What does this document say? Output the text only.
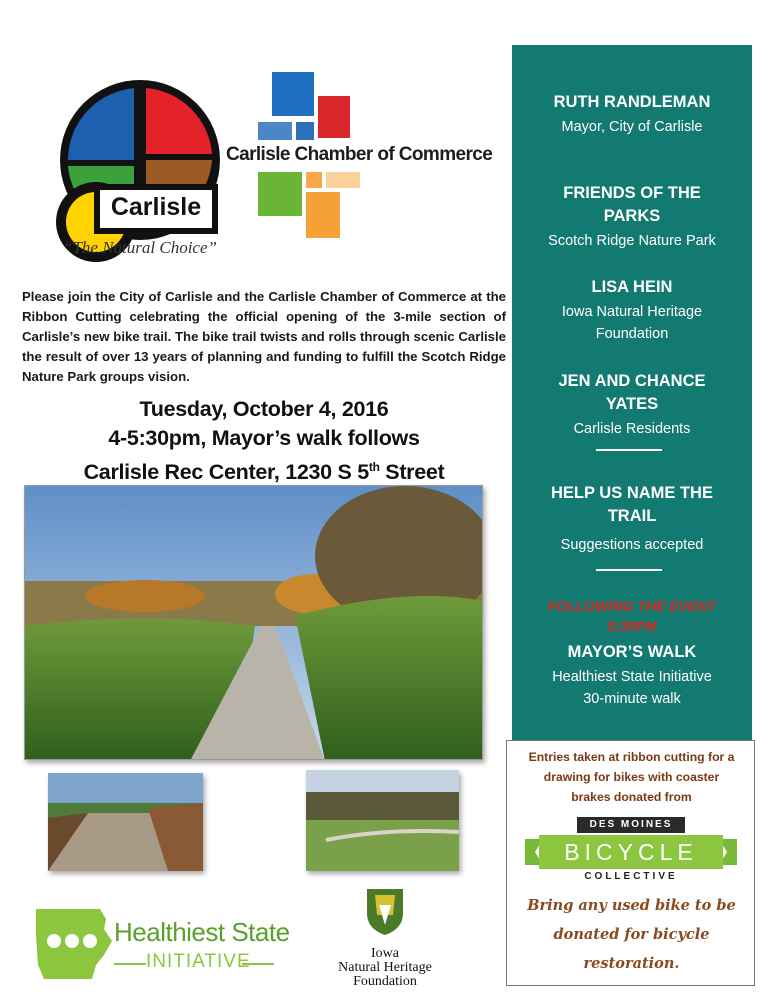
Carlisle
“The Natural Choice”
Carlisle Chamber of Commerce

Please join the City of Carlisle and the Carlisle Chamber of Commerce at the Ribbon Cutting celebrating the official opening of the 3-mile section of Carlisle’s new bike trail. The bike trail twists and rolls through scenic Carlisle the result of over 13 years of planning and funding to fulfill the Scotch Ridge Nature Park groups vision.

Tuesday, October 4, 2016
4-5:30pm, Mayor’s walk follows
Carlisle Rec Center, 1230 S 5th Street
Healthiest State
INITIATIVE	Iowa
Natural Heritage
Foundation
RUTH RANDLEMAN
Mayor, City of Carlisle
FRIENDS OF THE
PARKS
Scotch Ridge Nature Park
LISA HEIN
Iowa Natural Heritage
Foundation
JEN AND CHANCE
YATES
Carlisle Residents
HELP US NAME THE
TRAIL
Suggestions accepted
FOLLOWING THE EVENT
5:30PM
MAYOR’S WALK
Healthiest State Initiative
30-minute walk
Entries taken at ribbon cutting for a
drawing for bikes with coaster
brakes donated from
DES MOINES
BICYCLE
COLLECTIVE
Bring any used bike to be
donated for bicycle
restoration.
